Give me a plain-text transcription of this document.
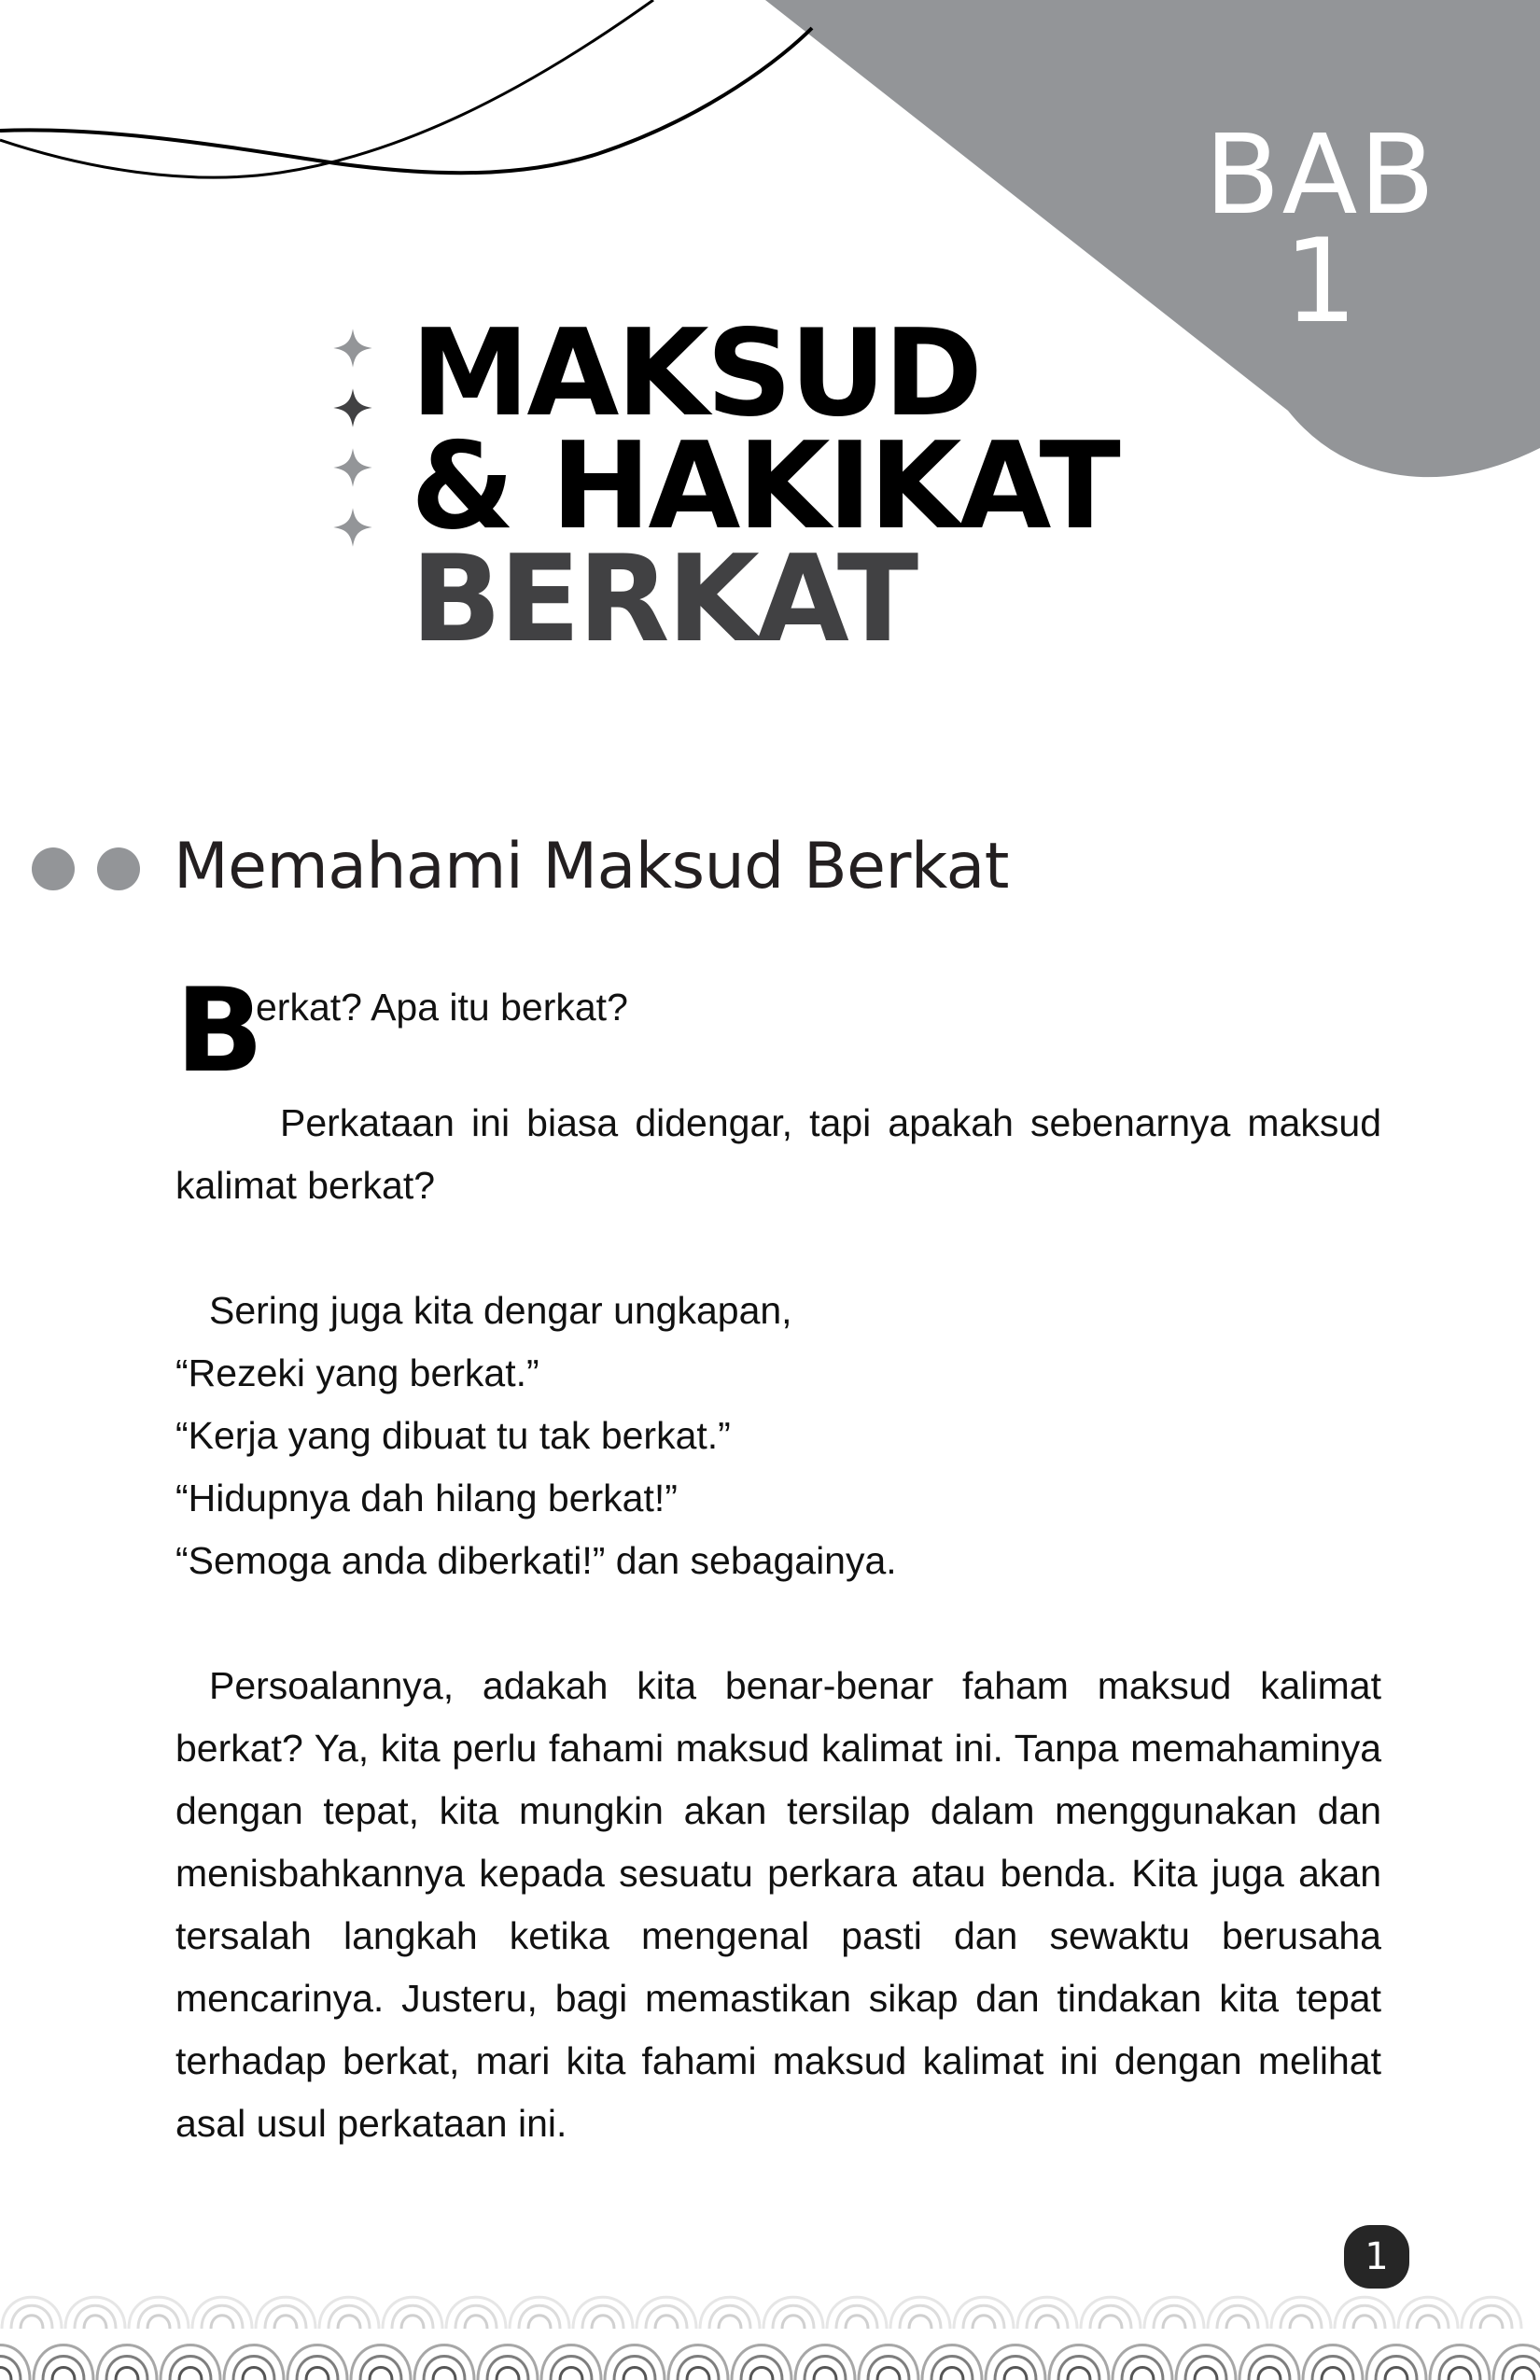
BAB
1
MAKSUD
& HAKIKAT
BERKAT
Memahami Maksud Berkat
B
erkat? Apa itu berkat?

Perkataan ini biasa didengar, tapi apakah sebenarnya maksud kalimat berkat?

Sering juga kita dengar ungkapan,

“Rezeki yang berkat.”
“Kerja yang dibuat tu tak berkat.”
“Hidupnya dah hilang berkat!”
“Semoga anda diberkati!” dan sebagainya.

Persoalannya, adakah kita benar-benar faham maksud kalimat berkat? Ya, kita perlu fahami maksud kalimat ini. Tanpa memahaminya dengan tepat, kita mungkin akan tersilap dalam menggunakan dan menisbahkannya kepada sesuatu perkara atau benda. Kita juga akan tersalah langkah ketika mengenal pasti dan sewaktu berusaha mencarinya. Justeru, bagi memastikan sikap dan tindakan kita tepat terhadap berkat, mari kita fahami maksud kalimat ini dengan melihat asal usul perkataan ini.

1
